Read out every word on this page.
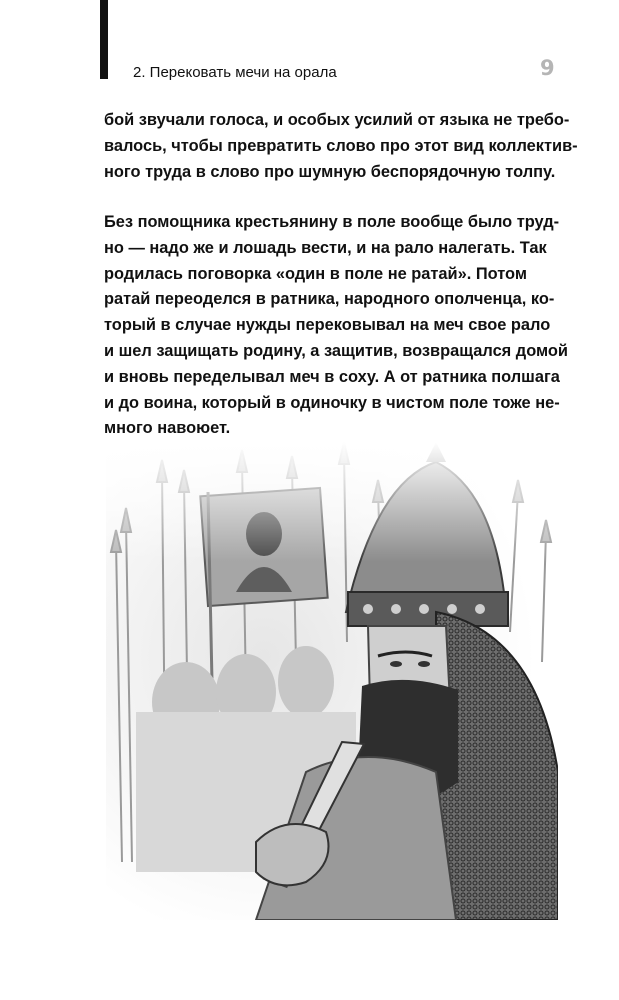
2. Перековать мечи на орала	9
бой звучали голоса, и особых усилий от языка не требо-
валось, чтобы превратить слово про этот вид коллектив-
ного труда в слово про шумную беспорядочную толпу.
Без помощника крестьянину в поле вообще было труд-
но — надо же и лошадь вести, и на рало налегать. Так
родилась поговорка «один в поле не ратай». Потом
ратай переоделся в ратника, народного ополченца, ко-
торый в случае нужды перековывал на меч свое рало
и шел защищать родину, а защитив, возвращался домой
и вновь переделывал меч в соху. А от ратника полшага
и до воина, который в одиночку в чистом поле тоже не-
много навоюет.
